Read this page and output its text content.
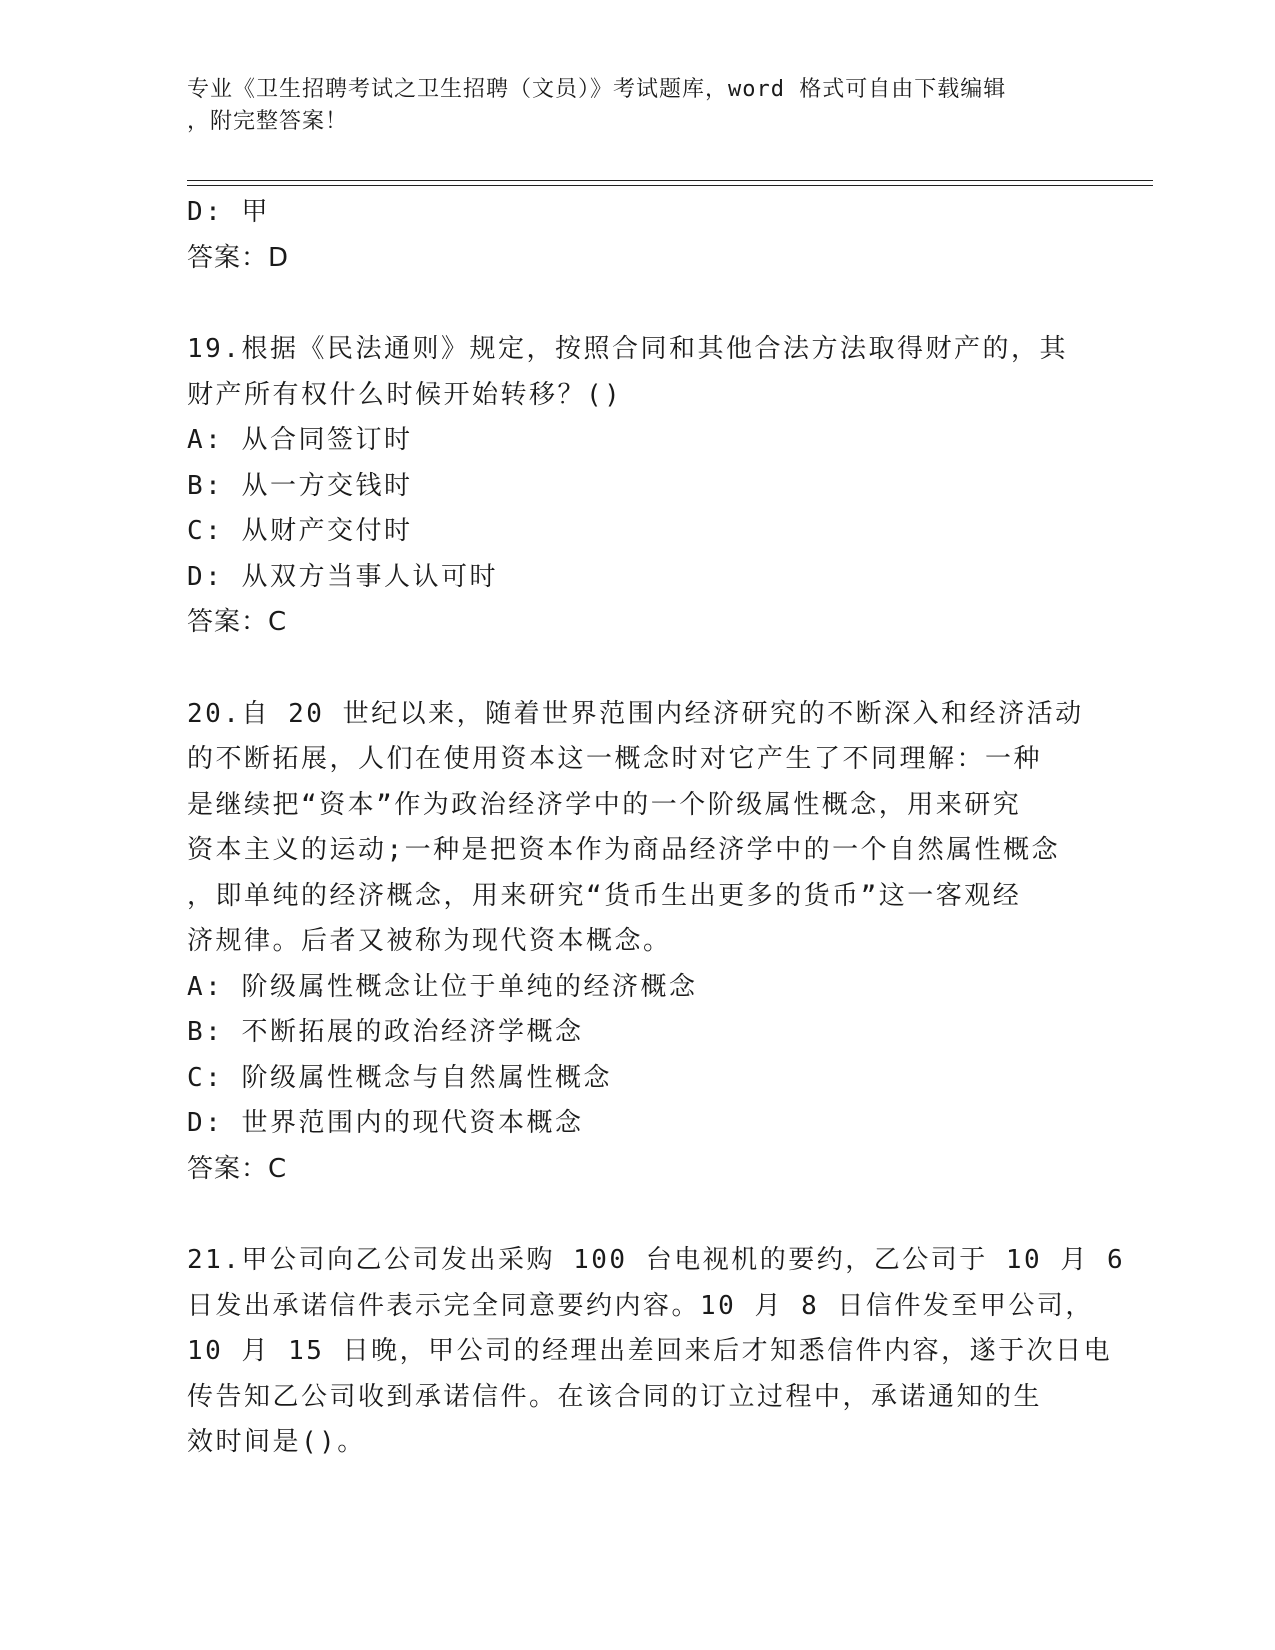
专业《卫生招聘考试之卫生招聘（文员）》考试题库，word 格式可自由下载编辑
，附完整答案！
D: 甲
答案：D
19.根据《民法通则》规定，按照合同和其他合法方法取得财产的，其
财产所有权什么时候开始转移？()
A: 从合同签订时
B: 从一方交钱时
C: 从财产交付时
D: 从双方当事人认可时
答案：C
20.自 20 世纪以来，随着世界范围内经济研究的不断深入和经济活动
的不断拓展，人们在使用资本这一概念时对它产生了不同理解：一种
是继续把“资本”作为政治经济学中的一个阶级属性概念，用来研究
资本主义的运动;一种是把资本作为商品经济学中的一个自然属性概念
，即单纯的经济概念，用来研究“货币生出更多的货币”这一客观经
济规律。后者又被称为现代资本概念。
A: 阶级属性概念让位于单纯的经济概念
B: 不断拓展的政治经济学概念
C: 阶级属性概念与自然属性概念
D: 世界范围内的现代资本概念
答案：C
21.甲公司向乙公司发出采购 100 台电视机的要约，乙公司于 10 月 6
日发出承诺信件表示完全同意要约内容。10 月 8 日信件发至甲公司，
10 月 15 日晚，甲公司的经理出差回来后才知悉信件内容，遂于次日电
传告知乙公司收到承诺信件。在该合同的订立过程中，承诺通知的生
效时间是()。
